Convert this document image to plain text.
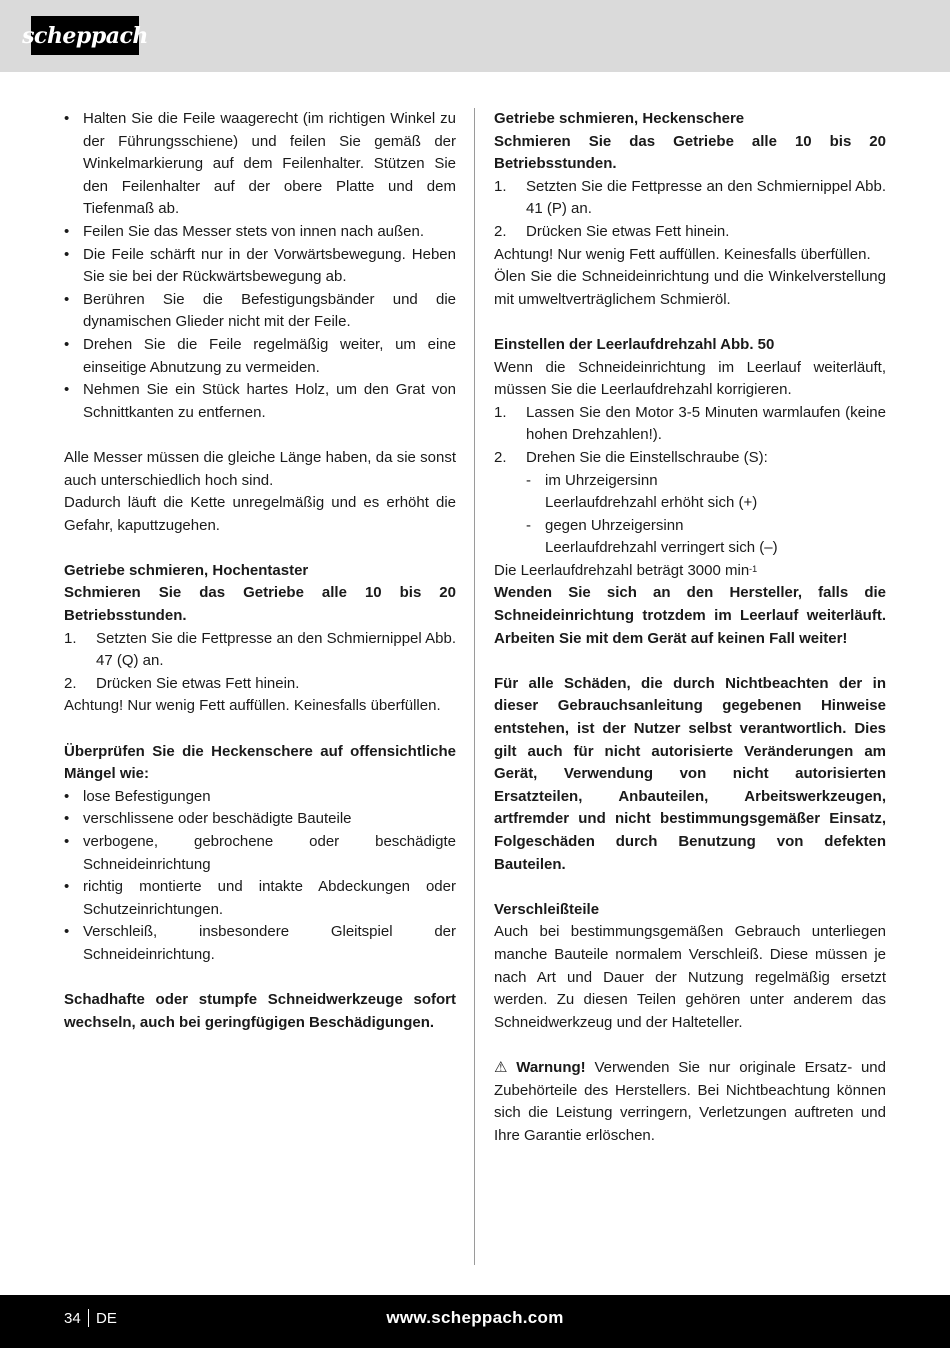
scheppach
• Halten Sie die Feile waagerecht (im richtigen Winkel zu der Führungsschiene) und feilen Sie gemäß der Winkelmarkierung auf dem Feilenhalter. Stützen Sie den Feilenhalter auf der obere Platte und dem Tiefenmaß ab.
• Feilen Sie das Messer stets von innen nach außen.
• Die Feile schärft nur in der Vorwärtsbewegung. Heben Sie sie bei der Rückwärtsbewegung ab.
• Berühren Sie die Befestigungsbänder und die dynamischen Glieder nicht mit der Feile.
• Drehen Sie die Feile regelmäßig weiter, um eine einseitige Abnutzung zu vermeiden.
• Nehmen Sie ein Stück hartes Holz, um den Grat von Schnittkanten zu entfernen.

Alle Messer müssen die gleiche Länge haben, da sie sonst auch unterschiedlich hoch sind.

Dadurch läuft die Kette unregelmäßig und es erhöht die Gefahr, kaputtzugehen.

Getriebe schmieren, Hochentaster

Schmieren Sie das Getriebe alle 10 bis 20 Betriebsstunden.

1. Setzten Sie die Fettpresse an den Schmiernippel Abb. 47 (Q) an.
2. Drücken Sie etwas Fett hinein.

Achtung! Nur wenig Fett auffüllen. Keinesfalls überfüllen.

Überprüfen Sie die Heckenschere auf offensichtliche Mängel wie:

• lose Befestigungen
• verschlissene oder beschädigte Bauteile
• verbogene, gebrochene oder beschädigte Schneideinrichtung
• richtig montierte und intakte Abdeckungen oder Schutzeinrichtungen.
• Verschleiß, insbesondere Gleitspiel der Schneideinrichtung.

Schadhafte oder stumpfe Schneidwerkzeuge sofort wechseln, auch bei geringfügigen Beschädigungen.

Getriebe schmieren, Heckenschere

Schmieren Sie das Getriebe alle 10 bis 20 Betriebsstunden.

1. Setzten Sie die Fettpresse an den Schmiernippel Abb. 41 (P) an.
2. Drücken Sie etwas Fett hinein.

Achtung! Nur wenig Fett auffüllen. Keinesfalls überfüllen.

Ölen Sie die Schneideinrichtung und die Winkelverstellung mit umweltverträglichem Schmieröl.

Einstellen der Leerlaufdrehzahl Abb. 50

Wenn die Schneideinrichtung im Leerlauf weiterläuft, müssen Sie die Leerlaufdrehzahl korrigieren.

1. Lassen Sie den Motor 3-5 Minuten warmlaufen (keine hohen Drehzahlen!).
2. Drehen Sie die Einstellschraube (S):
- im Uhrzeigersinn
Leerlaufdrehzahl erhöht sich (+)
- gegen Uhrzeigersinn
Leerlaufdrehzahl verringert sich (–)

Die Leerlaufdrehzahl beträgt 3000 $\min^{-1}$

Wenden Sie sich an den Hersteller, falls die Schneideinrichtung trotzdem im Leerlauf weiterläuft. Arbeiten Sie mit dem Gerät auf keinen Fall weiter!

Für alle Schäden, die durch Nichtbeachten der in dieser Gebrauchsanleitung gegebenen Hinweise entstehen, ist der Nutzer selbst verantwortlich. Dies gilt auch für nicht autorisierte Veränderungen am Gerät, Verwendung von nicht autorisierten Ersatzteilen, Anbauteilen, Arbeitswerkzeugen, artfremder und nicht bestimmungsgemäßer Einsatz, Folgeschäden durch Benutzung von defekten Bauteilen.

Verschleißteile

Auch bei bestimmungsgemäßen Gebrauch unterliegen manche Bauteile normalem Verschleiß. Diese müssen je nach Art und Dauer der Nutzung regelmäßig ersetzt werden. Zu diesen Teilen gehören unter anderem das Schneidwerkzeug und der Halteteller.

⚠ Warnung! Verwenden Sie nur originale Ersatz- und Zubehörteile des Herstellers. Bei Nichtbeachtung können sich die Leistung verringern, Verletzungen auftreten und Ihre Garantie erlöschen.

34 DE	www.scheppach.com
